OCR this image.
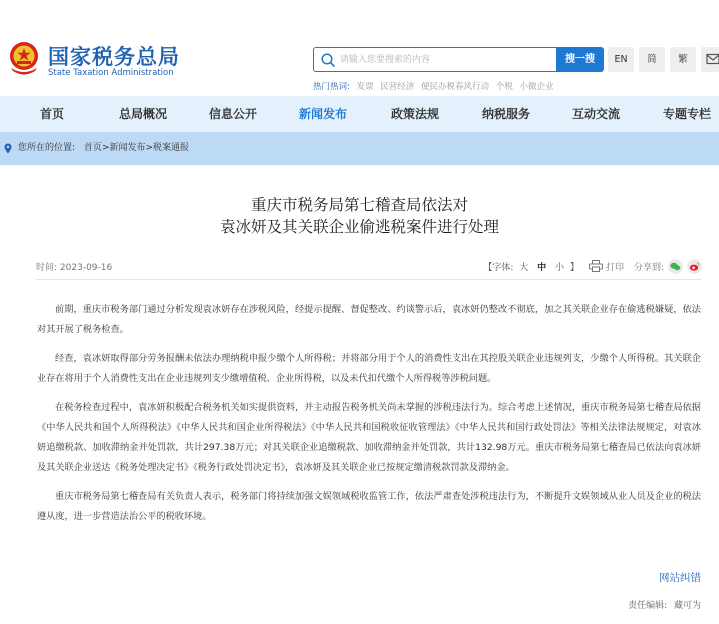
国家税务总局
State Taxation Administration
请输入您要搜索的内容
搜一搜	EN	简	繁
热门热词: 发票 民营经济 便民办税春风行动 个税 小微企业
首页	总局概况	信息公开	新闻发布	政策法规	纳税服务	互动交流	专题专栏
您所在的位置: 首页>新闻发布>税案通报
重庆市税务局第七稽查局依法对
袁冰妍及其关联企业偷逃税案件进行处理
时间: 2023-09-16	【字体: 大 中 小 】	打印 分享到:

前期，重庆市税务部门通过分析发现袁冰妍存在涉税风险，经提示提醒、督促整改、约谈警示后，袁冰妍仍整改不彻底，加之其关联企业存在偷逃税嫌疑，依法对其开展了税务检查。

经查，袁冰妍取得部分劳务报酬未依法办理纳税申报少缴个人所得税；并将部分用于个人的消费性支出在其控股关联企业违规列支，少缴个人所得税。其关联企业存在将用于个人消费性支出在企业违规列支少缴增值税、企业所得税，以及未代扣代缴个人所得税等涉税问题。

在税务检查过程中，袁冰妍积极配合税务机关如实提供资料，并主动报告税务机关尚未掌握的涉税违法行为。综合考虑上述情况，重庆市税务局第七稽查局依据《中华人民共和国个人所得税法》《中华人民共和国企业所得税法》《中华人民共和国税收征收管理法》《中华人民共和国行政处罚法》等相关法律法规规定，对袁冰妍追缴税款、加收滞纳金并处罚款，共计297.38万元；对其关联企业追缴税款、加收滞纳金并处罚款，共计132.98万元。重庆市税务局第七稽查局已依法向袁冰妍及其关联企业送达《税务处理决定书》《税务行政处罚决定书》，袁冰妍及其关联企业已按规定缴清税款罚款及滞纳金。

重庆市税务局第七稽查局有关负责人表示，税务部门将持续加强文娱领域税收监管工作，依法严肃查处涉税违法行为，不断提升文娱领域从业人员及企业的税法遵从度，进一步营造法治公平的税收环境。

网站纠错
责任编辑: 藏可为
